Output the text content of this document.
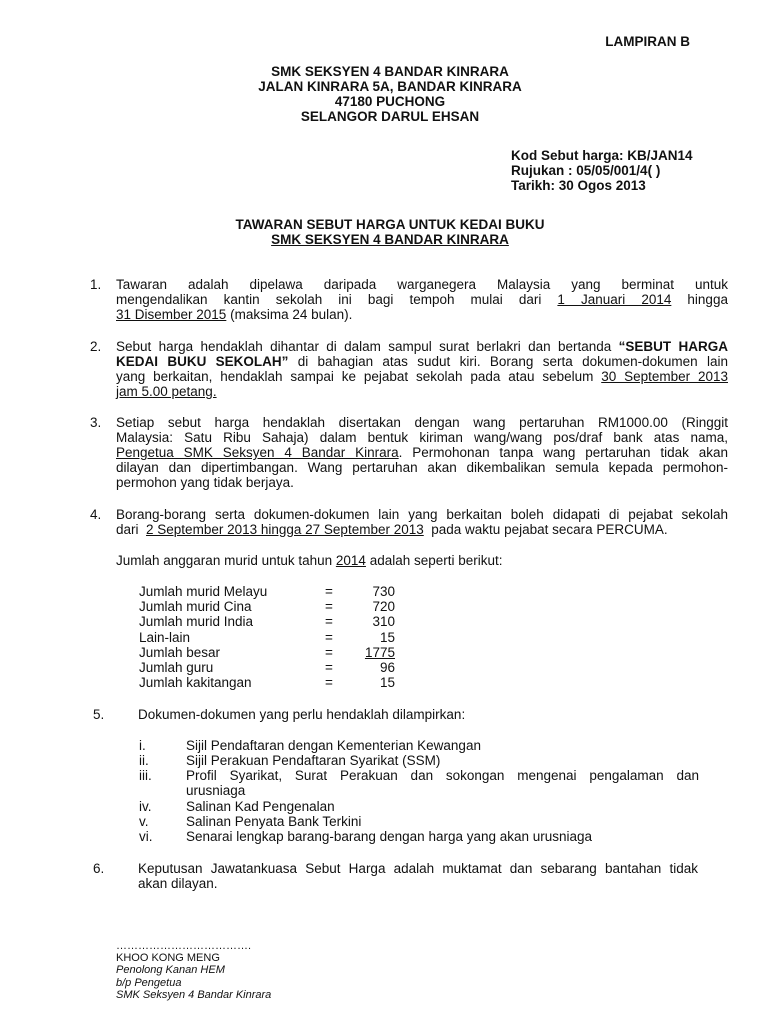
LAMPIRAN B
SMK SEKSYEN 4 BANDAR KINRARA
JALAN KINRARA 5A, BANDAR KINRARA
47180 PUCHONG
SELANGOR DARUL EHSAN
Kod Sebut harga: KB/JAN14
Rujukan : 05/05/001/4( )
Tarikh: 30 Ogos 2013
TAWARAN SEBUT HARGA UNTUK KEDAI BUKU
SMK SEKSYEN 4 BANDAR KINRARA
1.	Tawaran adalah dipelawa daripada warganegera Malaysia yang berminat untuk
mengendalikan kantin sekolah ini bagi tempoh mulai dari 1 Januari 2014 hingga
31 Disember 2015 (maksima 24 bulan).
2.	Sebut harga hendaklah dihantar di dalam sampul surat berlakri dan bertanda “SEBUT HARGA
KEDAI BUKU SEKOLAH” di bahagian atas sudut kiri. Borang serta dokumen-dokumen lain
yang berkaitan, hendaklah sampai ke pejabat sekolah pada atau sebelum 30 September 2013
jam 5.00 petang.
3.	Setiap sebut harga hendaklah disertakan dengan wang pertaruhan RM1000.00 (Ringgit
Malaysia: Satu Ribu Sahaja) dalam bentuk kiriman wang/wang pos/draf bank atas nama,
Pengetua SMK Seksyen 4 Bandar Kinrara. Permohonan tanpa wang pertaruhan tidak akan
dilayan dan dipertimbangan. Wang pertaruhan akan dikembalikan semula kepada permohon-
permohon yang tidak berjaya.
4.	Borang-borang serta dokumen-dokumen lain yang berkaitan boleh didapati di pejabat sekolah
dari 2 September 2013 hingga 27 September 2013 pada waktu pejabat secara PERCUMA.
Jumlah anggaran murid untuk tahun 2014 adalah seperti berikut:
Jumlah murid Melayu	=	730
Jumlah murid Cina	=	720
Jumlah murid India	=	310
Lain-lain	=	15
Jumlah besar	=	1775
Jumlah guru	=	96
Jumlah kakitangan	=	15
5. Dokumen-dokumen yang perlu hendaklah dilampirkan:
i.	Sijil Pendaftaran dengan Kementerian Kewangan
ii.	Sijil Perakuan Pendaftaran Syarikat (SSM)
iii.	Profil Syarikat, Surat Perakuan dan sokongan mengenai pengalaman dan
urusniaga
iv.	Salinan Kad Pengenalan
v.	Salinan Penyata Bank Terkini
vi. Senarai lengkap barang-barang dengan harga yang akan urusniaga
6. Keputusan Jawatankuasa Sebut Harga adalah muktamat dan sebarang bantahan tidak
akan dilayan.
……………………………….
KHOO KONG MENG
Penolong Kanan HEM
b/p Pengetua
SMK Seksyen 4 Bandar Kinrara
